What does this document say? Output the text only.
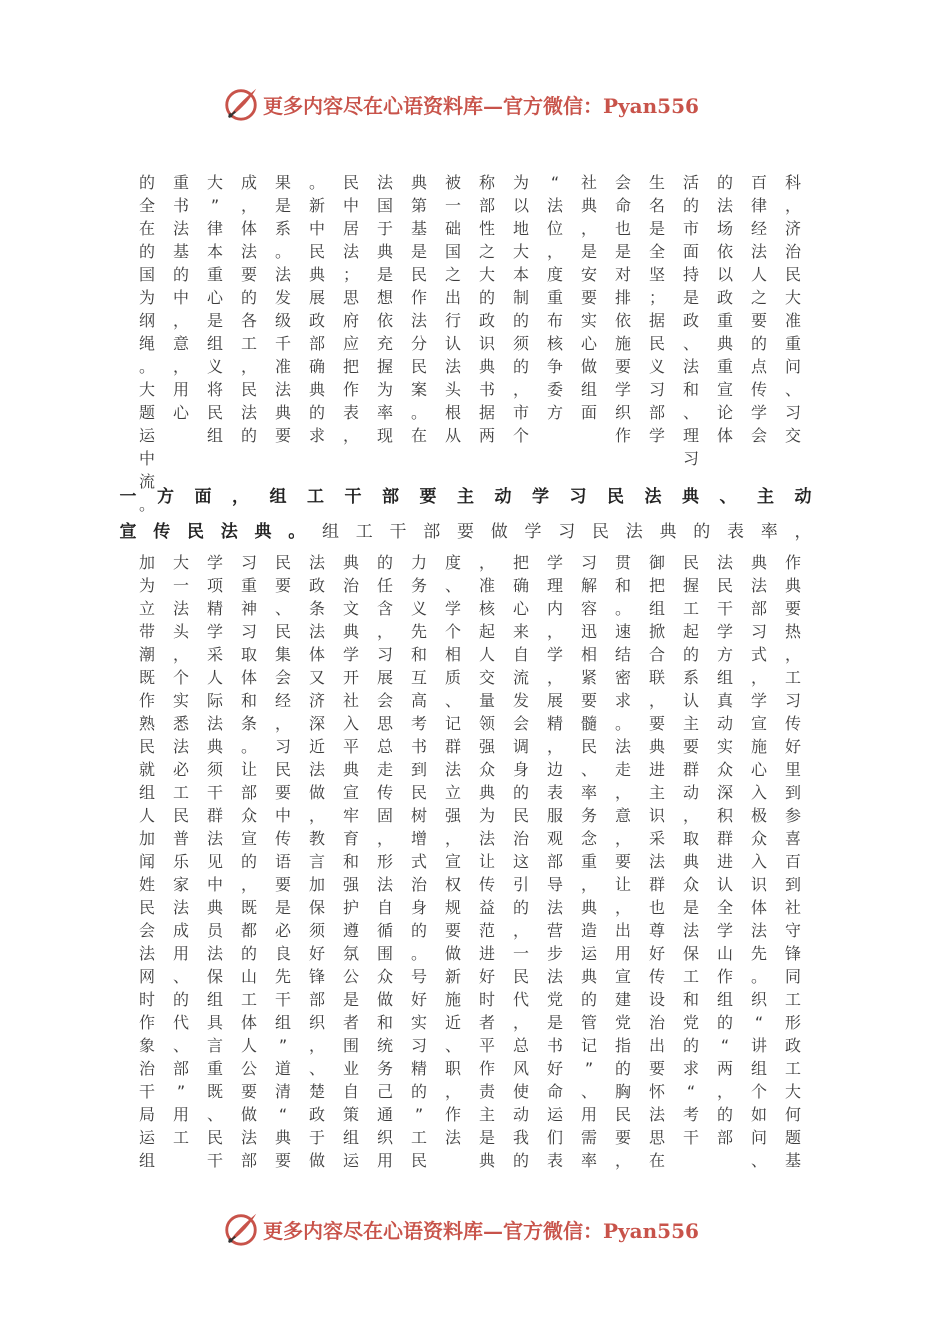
更多内容尽在心语资料库—官方微信：Pyan556
科
，
济
治
民
大
准
重
问
、
习
交
百
律
经
法
人
之
要
的
点
传
学
会
的
法
场
依
以
政
重
典
重
宣
论
体
活
的
市
面
持
是
政
、
法
和
、
理
习
生
名
是
全
坚
；
据
民
义
习
部
学
会
命
也
是
对
排
依
施
要
学
织
作
社
典
，
是
安
要
实
心
做
组
面
“
法
位
，
度
重
布
核
争
委
方
为
以
地
大
本
制
的
须
的
，
市
个
称
部
性
之
大
的
政
识
典
书
据
两
被
一
础
国
之
出
行
认
法
头
根
从
典
第
基
是
民
作
法
分
民
案
。
在
法
国
于
典
是
想
依
充
握
为
率
现
民
中
居
法
；
思
府
应
把
作
表
，
。
新
中
民
典
展
政
部
确
典
的
求
果
是
系
。
法
发
级
千
准
法
典
要
成
，
体
法
要
的
各
工
，
民
法
的
大
”
律
本
重
心
是
组
义
将
民
组
重
书
法
基
的
中
，
意
，
用
心
的
全
在
的
国
为
纲
绳
。
大
题
运
中
流
。
一 方 面 ， 组 工 干 部 要 主 动 学 习 民 法 典 、 主 动
宣 传 民 法 典 。 组 工 干 部 要 做 学 习 民 法 典 的 表 率 ，
作
典
要
热
，
工
习
传
好
里
到
参
喜
百
到
社
守
锋
同
工
形
政
工
大
何
题
基
典
法
部
习
式
，
学
宣
施
心
入
极
众
入
识
体
法
先
。
织
“
讲
组
个
如
问
、
法
民
干
学
方
组
真
动
实
众
深
积
群
进
认
全
学
山
作
组
的
“
两
，
的
部
民
握
工
起
的
系
认
主
要
群
动
，
取
典
众
是
法
保
工
和
党
的
求
“
考
干
御
把
组
掀
合
联
，
要
典
进
主
识
采
法
群
也
尊
好
传
设
治
出
要
怀
法
思
在
贯
和
。
速
结
密
求
。
法
走
，
意
，
要
让
，
出
用
宣
建
党
指
的
胸
民
要
，
习
解
容
迅
相
紧
要
髓
民
、
率
务
念
重
，
典
造
运
典
的
管
记
”
、
用
需
率
学
理
内
，
学
，
展
精
，
边
表
服
观
部
导
法
营
步
法
党
是
书
好
命
运
们
表
把
确
心
来
自
流
发
会
调
身
的
民
治
这
引
的
，
一
民
代
，
总
风
使
动
我
的
，
准
核
起
人
交
量
领
强
众
典
为
法
让
传
益
范
进
好
时
者
平
作
责
主
是
典
度
、
学
个
相
质
、
记
群
法
立
强
，
宣
权
规
要
做
新
施
近
、
职
，
作
法
力
务
义
先
和
互
高
考
书
到
民
树
增
式
治
身
的
。
号
好
实
习
精
的
”
工
民
的
任
含
，
习
展
会
思
总
走
传
固
，
形
法
自
循
围
众
做
和
统
务
己
通
织
用
典
治
文
典
学
开
社
入
平
典
宣
牢
育
和
强
护
遵
氛
公
是
者
围
业
自
策
组
运
法
政
条
法
体
又
济
深
近
法
做
，
教
言
加
保
须
好
锋
部
织
，
、
楚
政
于
做
民
要
、
民
集
会
经
，
习
民
要
中
传
语
要
是
必
良
先
干
组
”
道
清
“
典
要
习
重
神
习
取
体
和
条
。
让
部
众
宣
的
，
既
都
的
山
工
体
人
公
要
做
法
部
学
项
精
学
采
人
际
法
典
须
干
群
法
见
中
典
员
法
保
组
具
言
重
既
、
民
干
大
一
法
头
，
个
实
悉
法
必
工
民
普
乐
家
法
成
用
、
的
代
、
部
”
用
工
加
为
立
带
潮
既
作
熟
民
就
组
人
加
闻
姓
民
会
法
网
时
作
象
治
干
局
运
组
更多内容尽在心语资料库—官方微信：Pyan556
